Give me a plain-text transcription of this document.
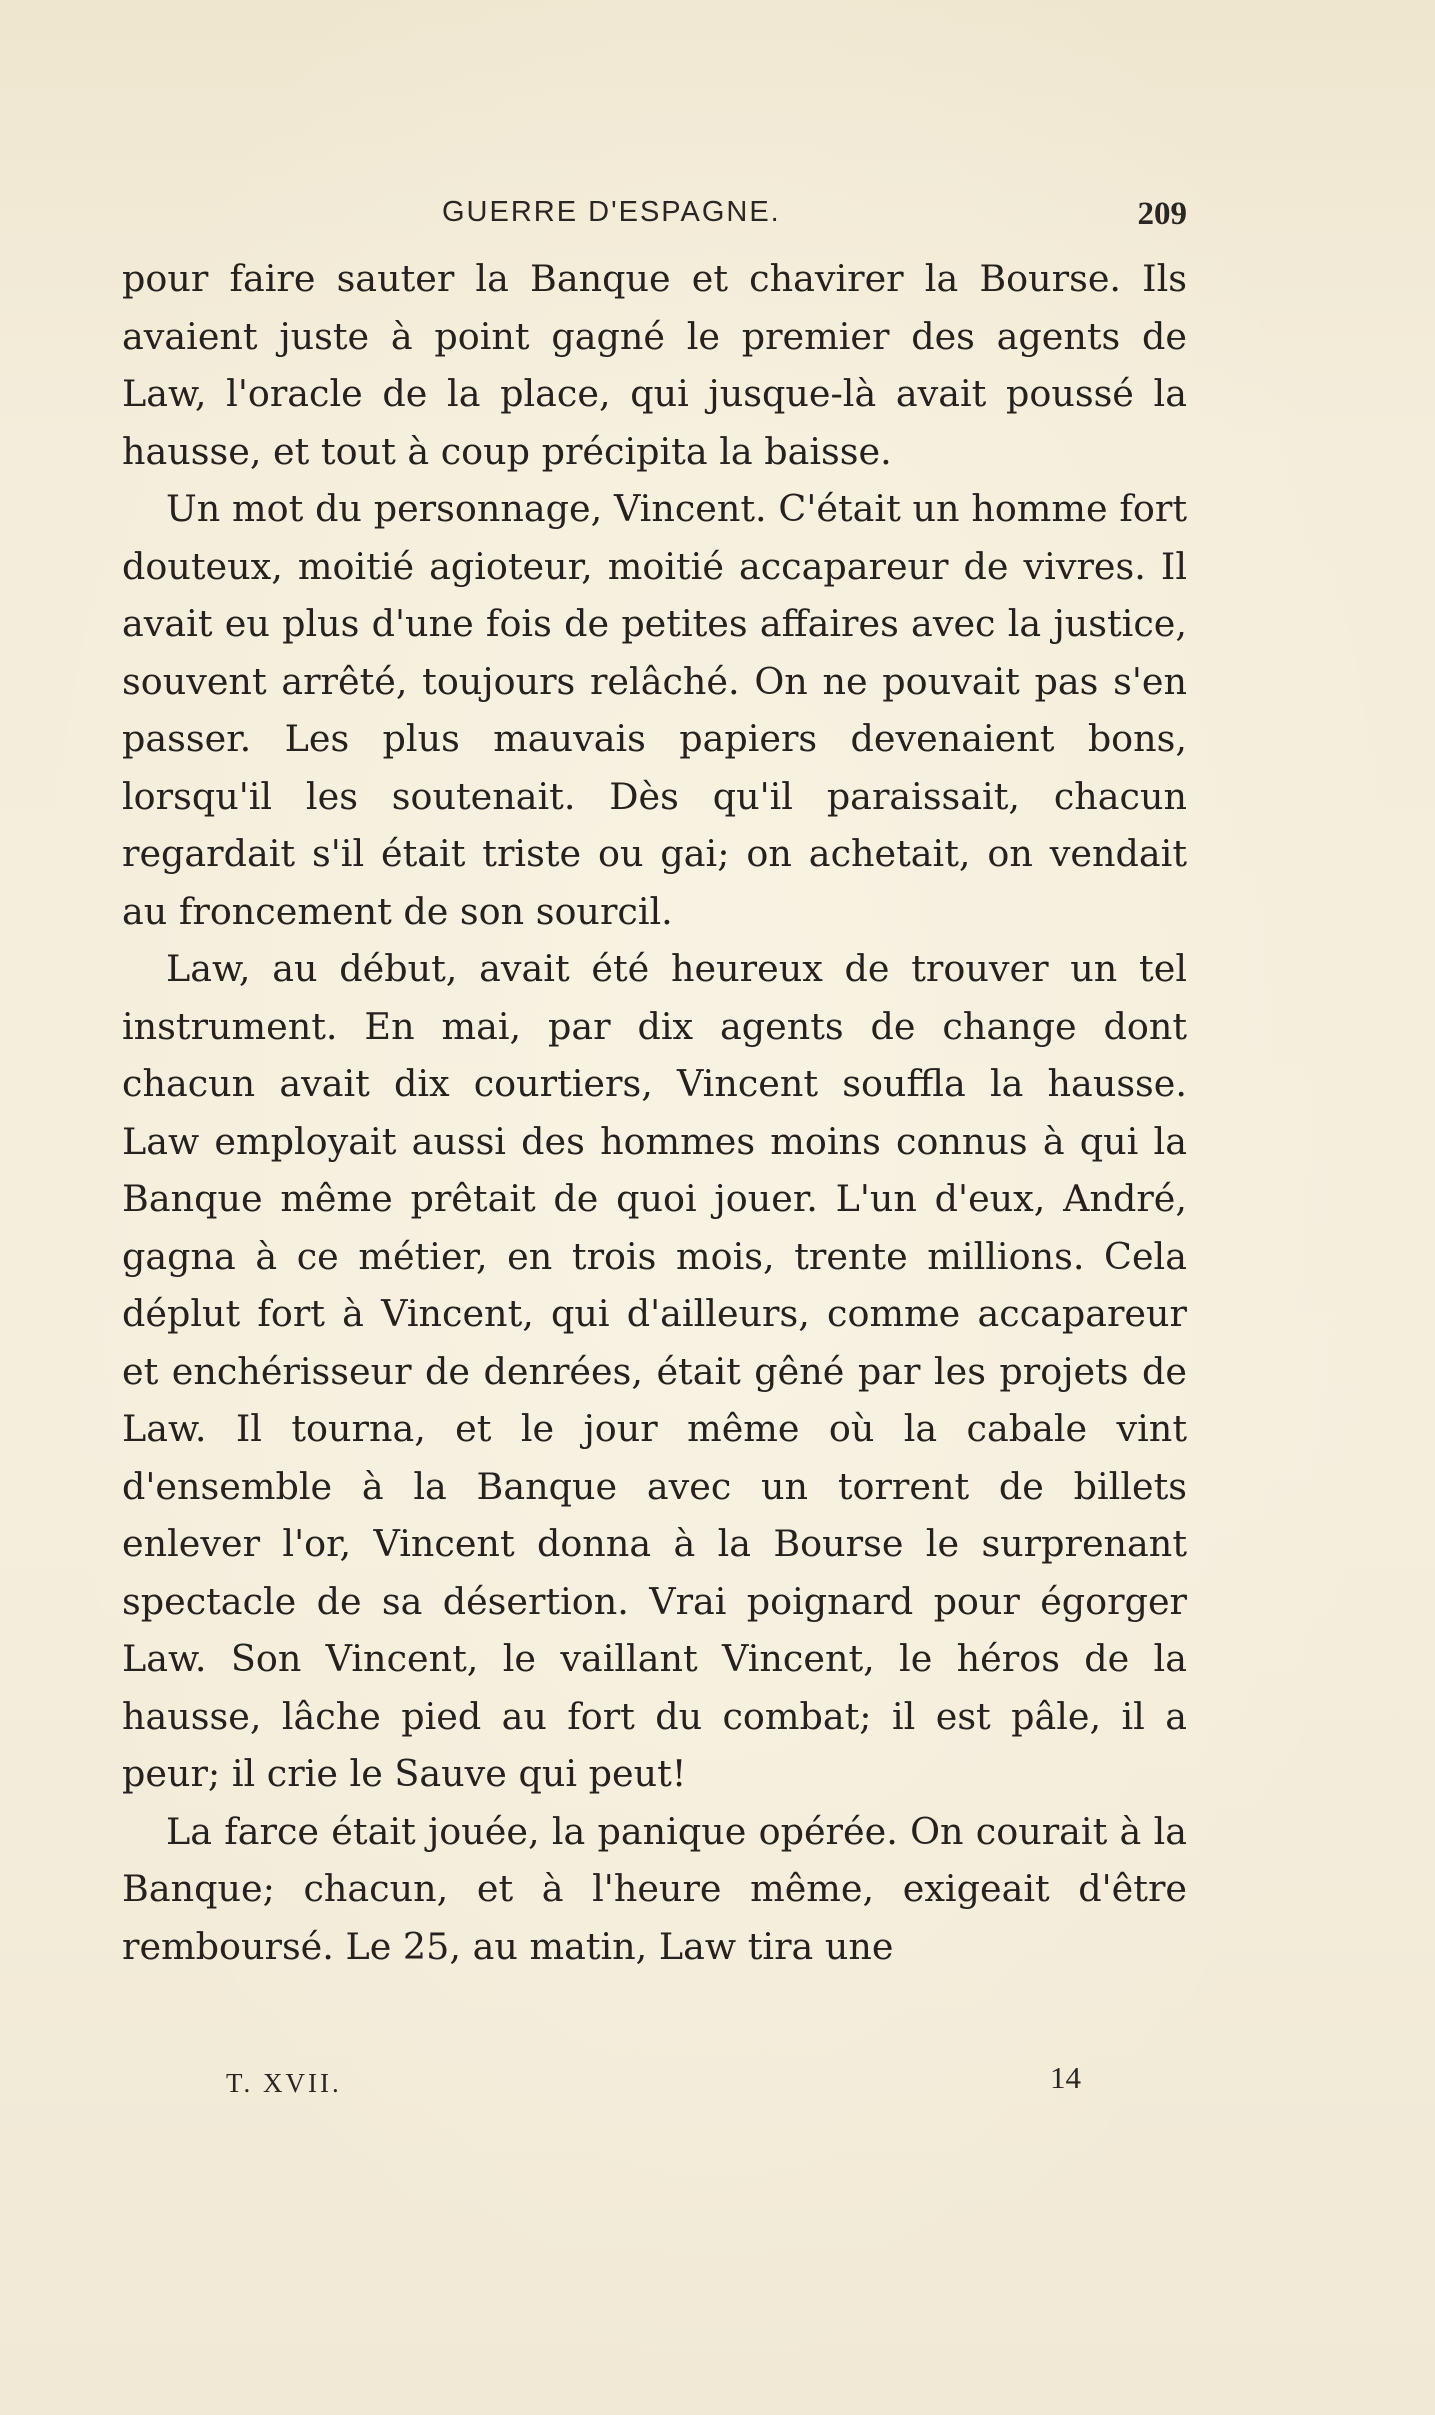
GUERRE D'ESPAGNE.	209

pour faire sauter la Banque et chavirer la Bourse. Ils avaient juste à point gagné le premier des agents de Law, l'oracle de la place, qui jusque-là avait poussé la hausse, et tout à coup précipita la baisse.

Un mot du personnage, Vincent. C'était un homme fort douteux, moitié agioteur, moitié accapareur de vivres. Il avait eu plus d'une fois de petites affaires avec la justice, souvent arrêté, toujours relâché. On ne pouvait pas s'en passer. Les plus mauvais papiers devenaient bons, lorsqu'il les soutenait. Dès qu'il paraissait, chacun regardait s'il était triste ou gai; on achetait, on vendait au froncement de son sourcil.

Law, au début, avait été heureux de trouver un tel instrument. En mai, par dix agents de change dont chacun avait dix courtiers, Vincent souffla la hausse. Law employait aussi des hommes moins connus à qui la Banque même prêtait de quoi jouer. L'un d'eux, André, gagna à ce métier, en trois mois, trente millions. Cela déplut fort à Vincent, qui d'ailleurs, comme accapareur et enchérisseur de denrées, était gêné par les projets de Law. Il tourna, et le jour même où la cabale vint d'ensemble à la Banque avec un torrent de billets enlever l'or, Vincent donna à la Bourse le surprenant spectacle de sa désertion. Vrai poignard pour égorger Law. Son Vincent, le vaillant Vincent, le héros de la hausse, lâche pied au fort du combat; il est pâle, il a peur; il crie le Sauve qui peut!

La farce était jouée, la panique opérée. On courait à la Banque; chacun, et à l'heure même, exigeait d'être remboursé. Le 25, au matin, Law tira une

T. XVII.	14
